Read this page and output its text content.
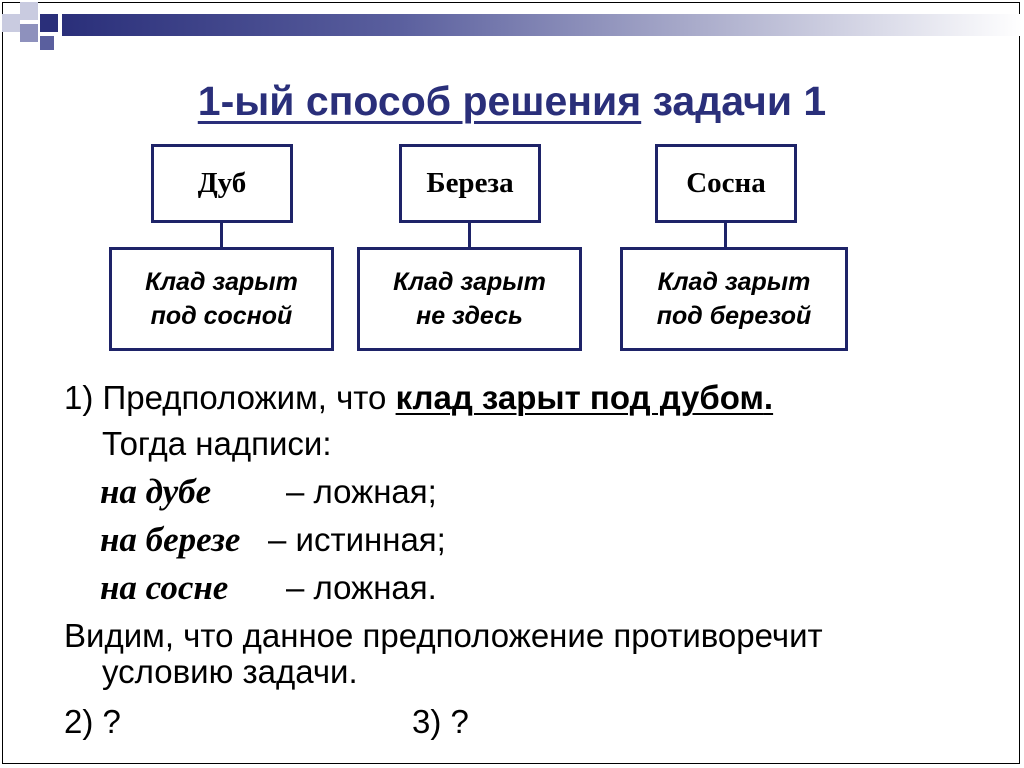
1-ый способ решения задачи 1
Дуб
Клад зарыт
под сосной
Береза
Клад зарыт
не здесь
Сосна
Клад зарыт
под березой
1) Предположим, что клад зарыт под дубом.
Тогда надписи:
на дубе – ложная;
на березе – истинная;
на сосне – ложная.
Видим, что данное предположение противоречит
условию задачи.
2) ?	3) ?
